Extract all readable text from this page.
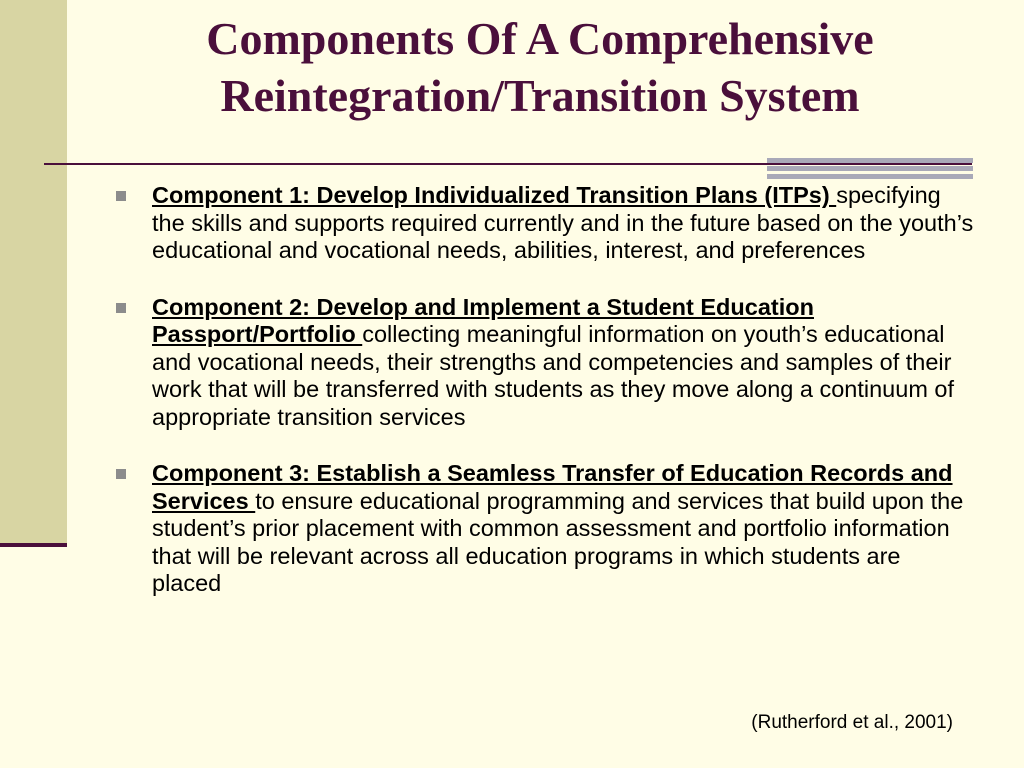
Components Of A Comprehensive
Reintegration/Transition System
Component 1: Develop Individualized Transition Plans (ITPs) specifying the skills and supports required currently and in the future based on the youth’s educational and vocational needs, abilities, interest, and preferences
Component 2: Develop and Implement a Student Education Passport/Portfolio collecting meaningful information on youth’s educational and vocational needs, their strengths and competencies and samples of their work that will be transferred with students as they move along a continuum of appropriate transition services
Component 3: Establish a Seamless Transfer of Education Records and Services to ensure educational programming and services that build upon the student’s prior placement with common assessment and portfolio information that will be relevant across all education programs in which students are placed
(Rutherford et al., 2001)
